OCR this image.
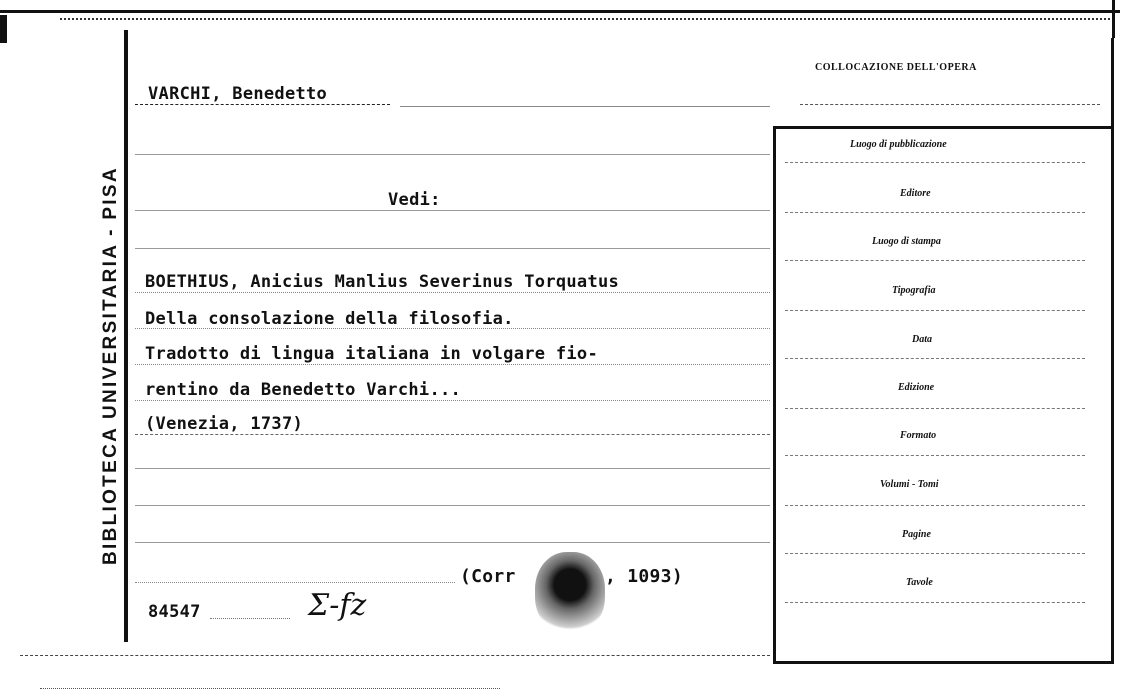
BIBLIOTECA UNIVERSITARIA - PISA
VARCHI, Benedetto
Vedi:
BOETHIUS, Anicius Manlius Severinus Torquatus
Della consolazione della filosofia.
Tradotto di lingua italiana in volgare fio-
rentino da Benedetto Varchi...
(Venezia, 1737)
(Corr	, 1093)
84547	Σ-fz
COLLOCAZIONE DELL'OPERA
Luogo di pubblicazione
Editore
Luogo di stampa
Tipografia
Data
Edizione
Formato
Volumi - Tomi
Pagine
Tavole
